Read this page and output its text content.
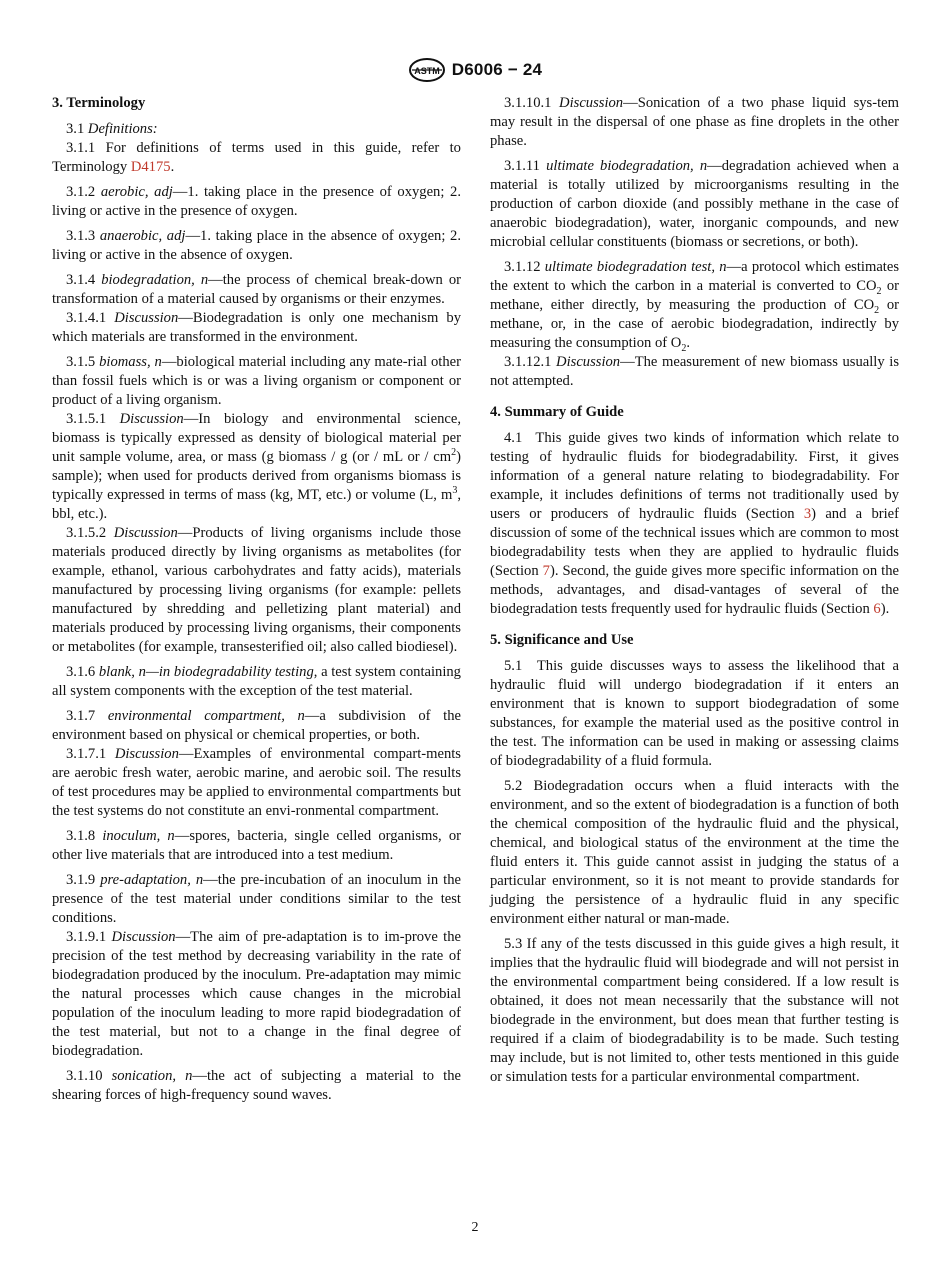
ASTM D6006 − 24
3. Terminology

3.1 Definitions:

3.1.1 For definitions of terms used in this guide, refer to Terminology D4175.

3.1.2 aerobic, adj—1. taking place in the presence of oxygen; 2. living or active in the presence of oxygen.

3.1.3 anaerobic, adj—1. taking place in the absence of oxygen; 2. living or active in the absence of oxygen.

3.1.4 biodegradation, n—the process of chemical break-down or transformation of a material caused by organisms or their enzymes.

3.1.4.1 Discussion—Biodegradation is only one mechanism by which materials are transformed in the environment.

3.1.5 biomass, n—biological material including any mate-rial other than fossil fuels which is or was a living organism or component or product of a living organism.

3.1.5.1 Discussion—In biology and environmental science, biomass is typically expressed as density of biological material per unit sample volume, area, or mass (g biomass / g (or / mL or / $cm^2$) sample); when used for products derived from organisms biomass is typically expressed in terms of mass (kg, MT, etc.) or volume (L, $m^3$, bbl, etc.).

3.1.5.2 Discussion—Products of living organisms include those materials produced directly by living organisms as metabolites (for example, ethanol, various carbohydrates and fatty acids), materials manufactured by processing living organisms (for example: pellets manufactured by shredding and pelletizing plant material) and materials produced by processing living organisms, their components or metabolites (for example, transesterified oil; also called biodiesel).

3.1.6 blank, n—in biodegradability testing, a test system containing all system components with the exception of the test material.

3.1.7 environmental compartment, n—a subdivision of the environment based on physical or chemical properties, or both.

3.1.7.1 Discussion—Examples of environmental compart-ments are aerobic fresh water, aerobic marine, and aerobic soil. The results of test procedures may be applied to environmental compartments but the test systems do not constitute an envi-ronmental compartment.

3.1.8 inoculum, n—spores, bacteria, single celled organisms, or other live materials that are introduced into a test medium.

3.1.9 pre-adaptation, n—the pre-incubation of an inoculum in the presence of the test material under conditions similar to the test conditions.

3.1.9.1 Discussion—The aim of pre-adaptation is to im-prove the precision of the test method by decreasing variability in the rate of biodegradation produced by the inoculum. Pre-adaptation may mimic the natural processes which cause changes in the microbial population of the inoculum leading to more rapid biodegradation of the test material, but not to a change in the final degree of biodegradation.

3.1.10 sonication, n—the act of subjecting a material to the shearing forces of high-frequency sound waves.

3.1.10.1 Discussion—Sonication of a two phase liquid sys-tem may result in the dispersal of one phase as fine droplets in the other phase.

3.1.11 ultimate biodegradation, n—degradation achieved when a material is totally utilized by microorganisms resulting in the production of carbon dioxide (and possibly methane in the case of anaerobic biodegradation), water, inorganic compounds, and new microbial cellular constituents (biomass or secretions, or both).

3.1.12 ultimate biodegradation test, n—a protocol which estimates the extent to which the carbon in a material is converted to $CO_2$ or methane, either directly, by measuring the production of $CO_2$ or methane, or, in the case of aerobic biodegradation, indirectly by measuring the consumption of $O_2$.

3.1.12.1 Discussion—The measurement of new biomass usually is not attempted.

4. Summary of Guide

4.1 This guide gives two kinds of information which relate to testing of hydraulic fluids for biodegradability. First, it gives information of a general nature relating to biodegradability. For example, it includes definitions of terms not traditionally used by users or producers of hydraulic fluids (Section 3) and a brief discussion of some of the technical issues which are common to most biodegradability tests when they are applied to hydraulic fluids (Section 7). Second, the guide gives more specific information on the methods, advantages, and disad-vantages of several of the biodegradation tests frequently used for hydraulic fluids (Section 6).

5. Significance and Use

5.1 This guide discusses ways to assess the likelihood that a hydraulic fluid will undergo biodegradation if it enters an environment that is known to support biodegradation of some substances, for example the material used as the positive control in the test. The information can be used in making or assessing claims of biodegradability of a fluid formula.

5.2 Biodegradation occurs when a fluid interacts with the environment, and so the extent of biodegradation is a function of both the chemical composition of the hydraulic fluid and the physical, chemical, and biological status of the environment at the time the fluid enters it. This guide cannot assist in judging the status of a particular environment, so it is not meant to provide standards for judging the persistence of a hydraulic fluid in any specific environment either natural or man-made.

5.3 If any of the tests discussed in this guide gives a high result, it implies that the hydraulic fluid will biodegrade and will not persist in the environmental compartment being considered. If a low result is obtained, it does not mean necessarily that the substance will not biodegrade in the environment, but does mean that further testing is required if a claim of biodegradability is to be made. Such testing may include, but is not limited to, other tests mentioned in this guide or simulation tests for a particular environmental compartment.

2
